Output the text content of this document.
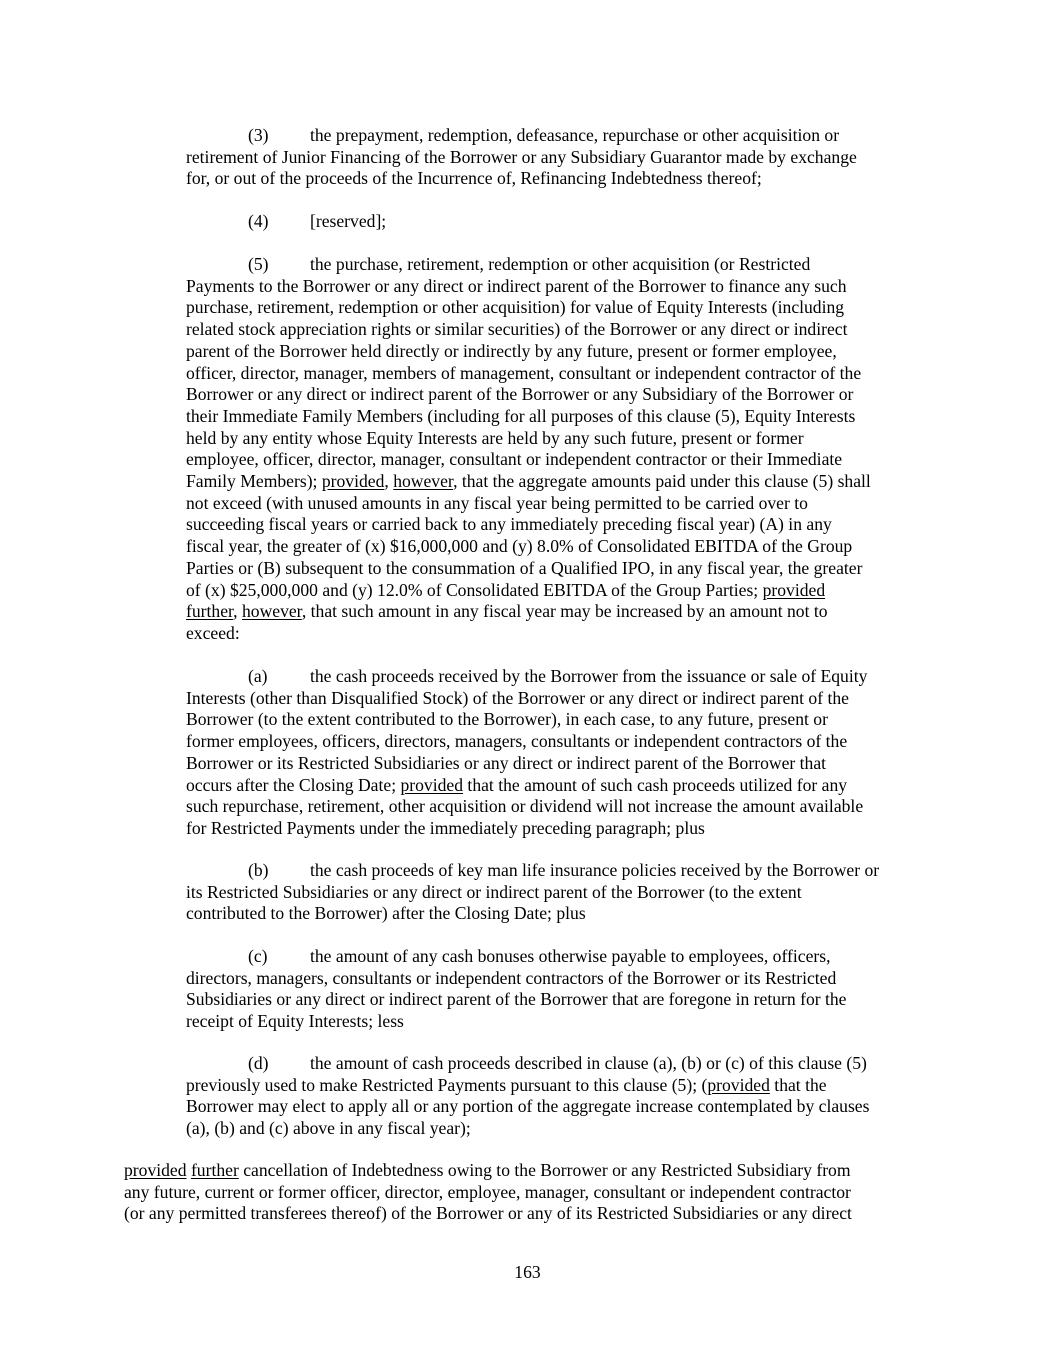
(3) the prepayment, redemption, defeasance, repurchase or other acquisition or
retirement of Junior Financing of the Borrower or any Subsidiary Guarantor made by exchange
for, or out of the proceeds of the Incurrence of, Refinancing Indebtedness thereof;

(4) [reserved];

(5) the purchase, retirement, redemption or other acquisition (or Restricted
Payments to the Borrower or any direct or indirect parent of the Borrower to finance any such
purchase, retirement, redemption or other acquisition) for value of Equity Interests (including
related stock appreciation rights or similar securities) of the Borrower or any direct or indirect
parent of the Borrower held directly or indirectly by any future, present or former employee,
officer, director, manager, members of management, consultant or independent contractor of the
Borrower or any direct or indirect parent of the Borrower or any Subsidiary of the Borrower or
their Immediate Family Members (including for all purposes of this clause (5), Equity Interests
held by any entity whose Equity Interests are held by any such future, present or former
employee, officer, director, manager, consultant or independent contractor or their Immediate
Family Members); provided, however, that the aggregate amounts paid under this clause (5) shall
not exceed (with unused amounts in any fiscal year being permitted to be carried over to
succeeding fiscal years or carried back to any immediately preceding fiscal year) (A) in any
fiscal year, the greater of (x) $16,000,000 and (y) 8.0% of Consolidated EBITDA of the Group
Parties or (B) subsequent to the consummation of a Qualified IPO, in any fiscal year, the greater
of (x) $25,000,000 and (y) 12.0% of Consolidated EBITDA of the Group Parties; provided
further, however, that such amount in any fiscal year may be increased by an amount not to
exceed:

(a) the cash proceeds received by the Borrower from the issuance or sale of Equity
Interests (other than Disqualified Stock) of the Borrower or any direct or indirect parent of the
Borrower (to the extent contributed to the Borrower), in each case, to any future, present or
former employees, officers, directors, managers, consultants or independent contractors of the
Borrower or its Restricted Subsidiaries or any direct or indirect parent of the Borrower that
occurs after the Closing Date; provided that the amount of such cash proceeds utilized for any
such repurchase, retirement, other acquisition or dividend will not increase the amount available
for Restricted Payments under the immediately preceding paragraph; plus

(b) the cash proceeds of key man life insurance policies received by the Borrower or
its Restricted Subsidiaries or any direct or indirect parent of the Borrower (to the extent
contributed to the Borrower) after the Closing Date; plus

(c) the amount of any cash bonuses otherwise payable to employees, officers,
directors, managers, consultants or independent contractors of the Borrower or its Restricted
Subsidiaries or any direct or indirect parent of the Borrower that are foregone in return for the
receipt of Equity Interests; less

(d) the amount of cash proceeds described in clause (a), (b) or (c) of this clause (5)
previously used to make Restricted Payments pursuant to this clause (5); (provided that the
Borrower may elect to apply all or any portion of the aggregate increase contemplated by clauses
(a), (b) and (c) above in any fiscal year);

provided further cancellation of Indebtedness owing to the Borrower or any Restricted Subsidiary from
any future, current or former officer, director, employee, manager, consultant or independent contractor
(or any permitted transferees thereof) of the Borrower or any of its Restricted Subsidiaries or any direct

163
